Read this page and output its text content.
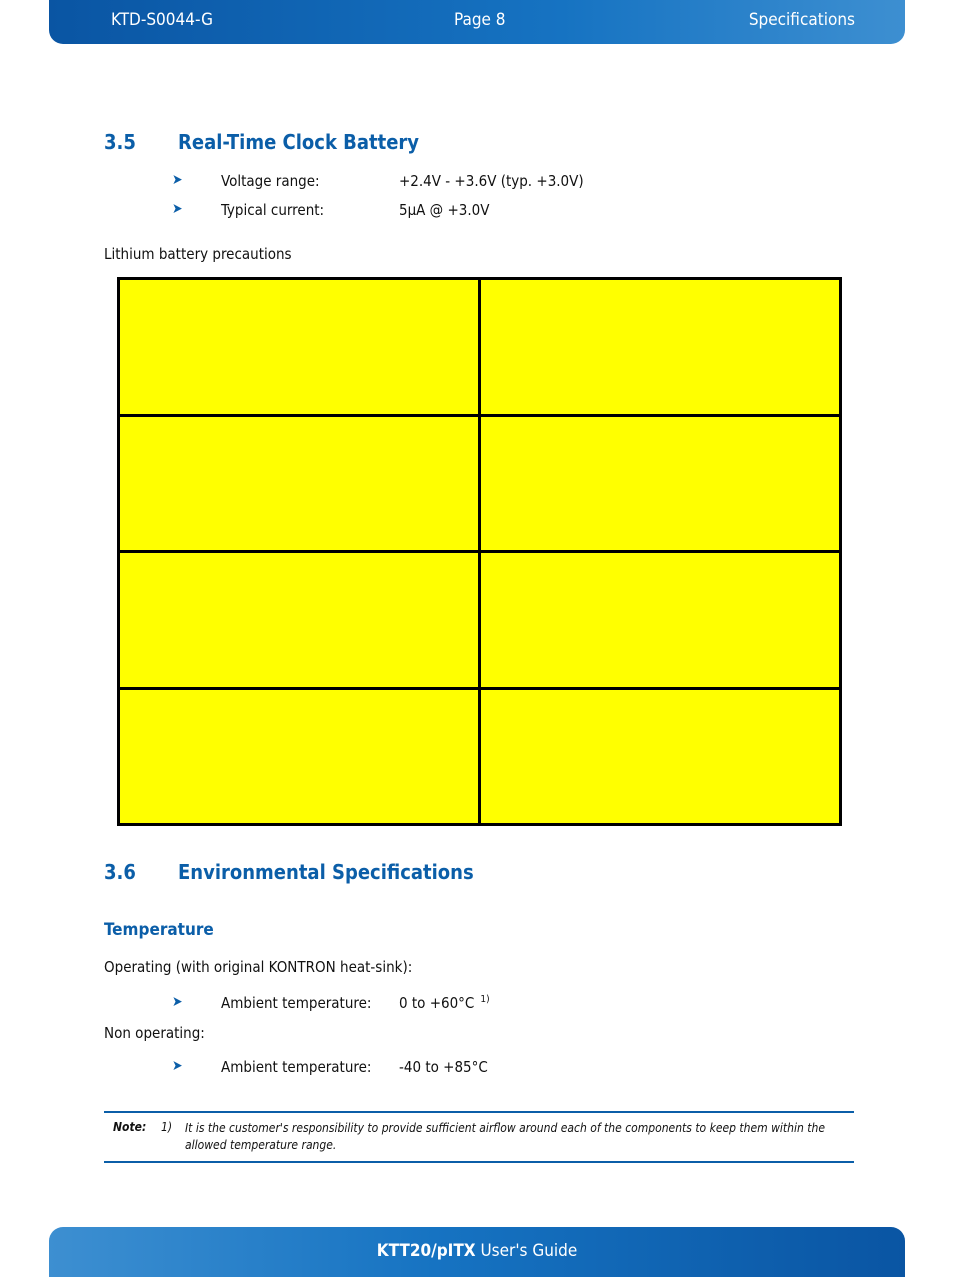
KTD-S0044-G	Page 8	Specifications
3.5 Real-Time Clock Battery
➤	Voltage range:	+2.4V - +3.6V (typ. +3.0V)
➤	Typical current:	5µA @ +3.0V
Lithium battery precautions

3.6 Environmental Specifications
Temperature
Operating (with original KONTRON heat-sink):
➤	Ambient temperature: 0 to +60°C $^{1)}$
Non operating:
➤	Ambient temperature: -40 to +85°C
Note: 1) It is the customer's responsibility to provide sufficient airflow around each of the components to keep them within the allowed temperature range.
KTT20/pITX User's Guide
